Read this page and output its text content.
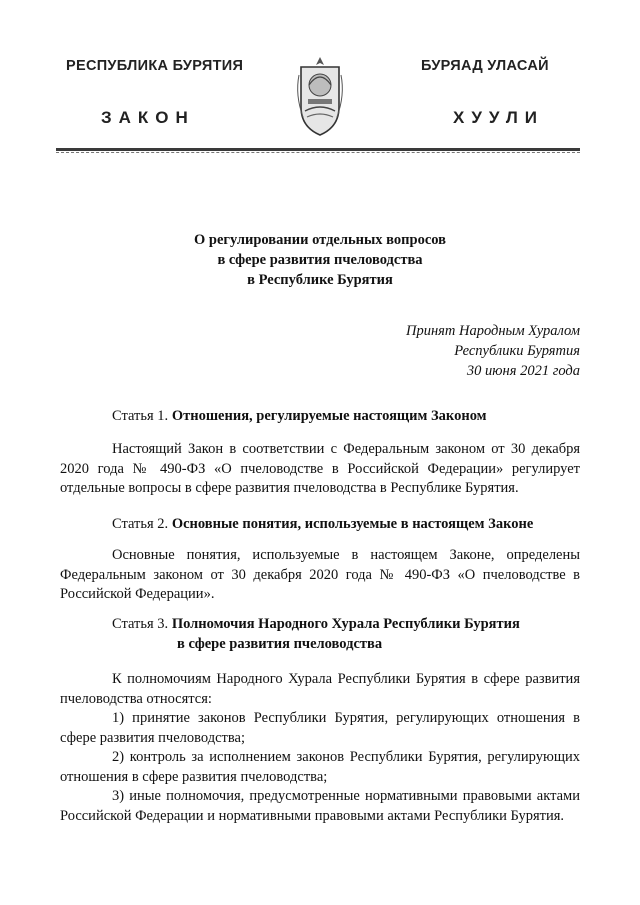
РЕСПУБЛИКА БУРЯТИЯ	БУРЯАД УЛАСАЙ
ЗАКОН	ХУУЛИ
О регулировании отдельных вопросов
в сфере развития пчеловодства
в Республике Бурятия
Принят Народным Хуралом
Республики Бурятия
30 июня 2021 года
Статья 1. Отношения, регулируемые настоящим Законом

Настоящий Закон в соответствии с Федеральным законом от 30 декабря 2020 года № 490-ФЗ «О пчеловодстве в Российской Федерации» регулирует отдельные вопросы в сфере развития пчеловодства в Республике Бурятия.

Статья 2. Основные понятия, используемые в настоящем Законе

Основные понятия, используемые в настоящем Законе, определены Федеральным законом от 30 декабря 2020 года № 490-ФЗ «О пчеловодстве в Российской Федерации».

Статья 3. Полномочия Народного Хурала Республики Бурятия
в сфере развития пчеловодства
К полномочиям Народного Хурала Республики Бурятия в сфере развития пчеловодства относятся:
1) принятие законов Республики Бурятия, регулирующих отношения в сфере развития пчеловодства;
2) контроль за исполнением законов Республики Бурятия, регулирующих отношения в сфере развития пчеловодства;
3) иные полномочия, предусмотренные нормативными правовыми актами Российской Федерации и нормативными правовыми актами Республики Бурятия.
